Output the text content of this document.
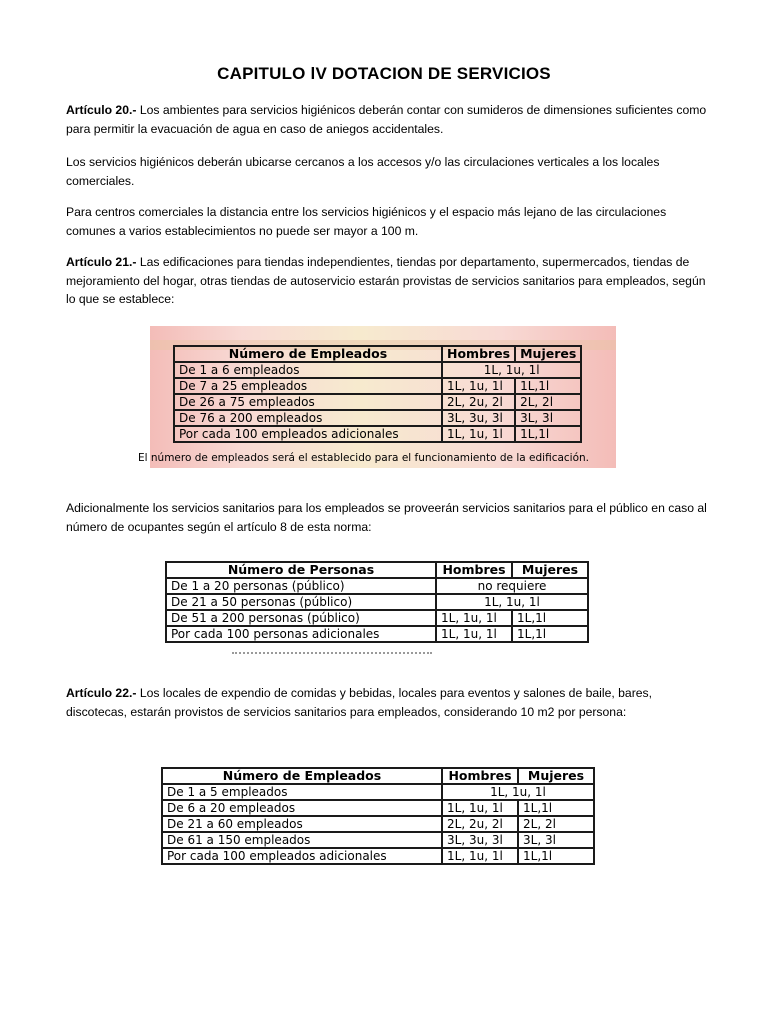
CAPITULO lV DOTACION DE SERVICIOS
Artículo 20.- Los ambientes para servicios higiénicos deberán contar con sumideros de dimensiones suficientes como para permitir la evacuación de agua en caso de aniegos accidentales.
Los servicios higiénicos deberán ubicarse cercanos a los accesos y/o las circulaciones verticales a los locales comerciales.
Para centros comerciales la distancia entre los servicios higiénicos y el espacio más lejano de las circulaciones comunes a varios establecimientos no puede ser mayor a 100 m.
Artículo 21.- Las edificaciones para tiendas independientes, tiendas por departamento, supermercados, tiendas de mejoramiento del hogar, otras tiendas de autoservicio estarán provistas de servicios sanitarios para empleados, según lo que se establece:
Número de Empleados	Hombres	Mujeres
De 1 a 6 empleados	1L, 1u, 1l	
De 7 a 25 empleados	1L, 1u, 1l	1L,1l
De 26 a 75 empleados	2L, 2u, 2l	2L, 2l
De 76 a 200 empleados	3L, 3u, 3l	3L, 3l
Por cada 100 empleados adicionales	1L, 1u, 1l	1L,1l
El número de empleados será el establecido para el funcionamiento de la edificación.
Adicionalmente los servicios sanitarios para los empleados se proveerán servicios sanitarios para el público en caso al número de ocupantes según el artículo 8 de esta norma:
Número de Personas	Hombres	Mujeres
De 1 a 20 personas (público)	no requiere	
De 21 a 50 personas (público)	1L, 1u, 1l	
De 51 a 200 personas (público)	1L, 1u, 1l	1L,1l
Por cada 100 personas adicionales	1L, 1u, 1l	1L,1l
Artículo 22.- Los locales de expendio de comidas y bebidas, locales para eventos y salones de baile, bares, discotecas, estarán provistos de servicios sanitarios para empleados, considerando 10 m2 por persona:
Número de Empleados	Hombres	Mujeres
De 1 a 5 empleados	1L, 1u, 1l	
De 6 a 20 empleados	1L, 1u, 1l	1L,1l
De 21 a 60 empleados	2L, 2u, 2l	2L, 2l
De 61 a 150 empleados	3L, 3u, 3l	3L, 3l
Por cada 100 empleados adicionales	1L, 1u, 1l	1L,1l
